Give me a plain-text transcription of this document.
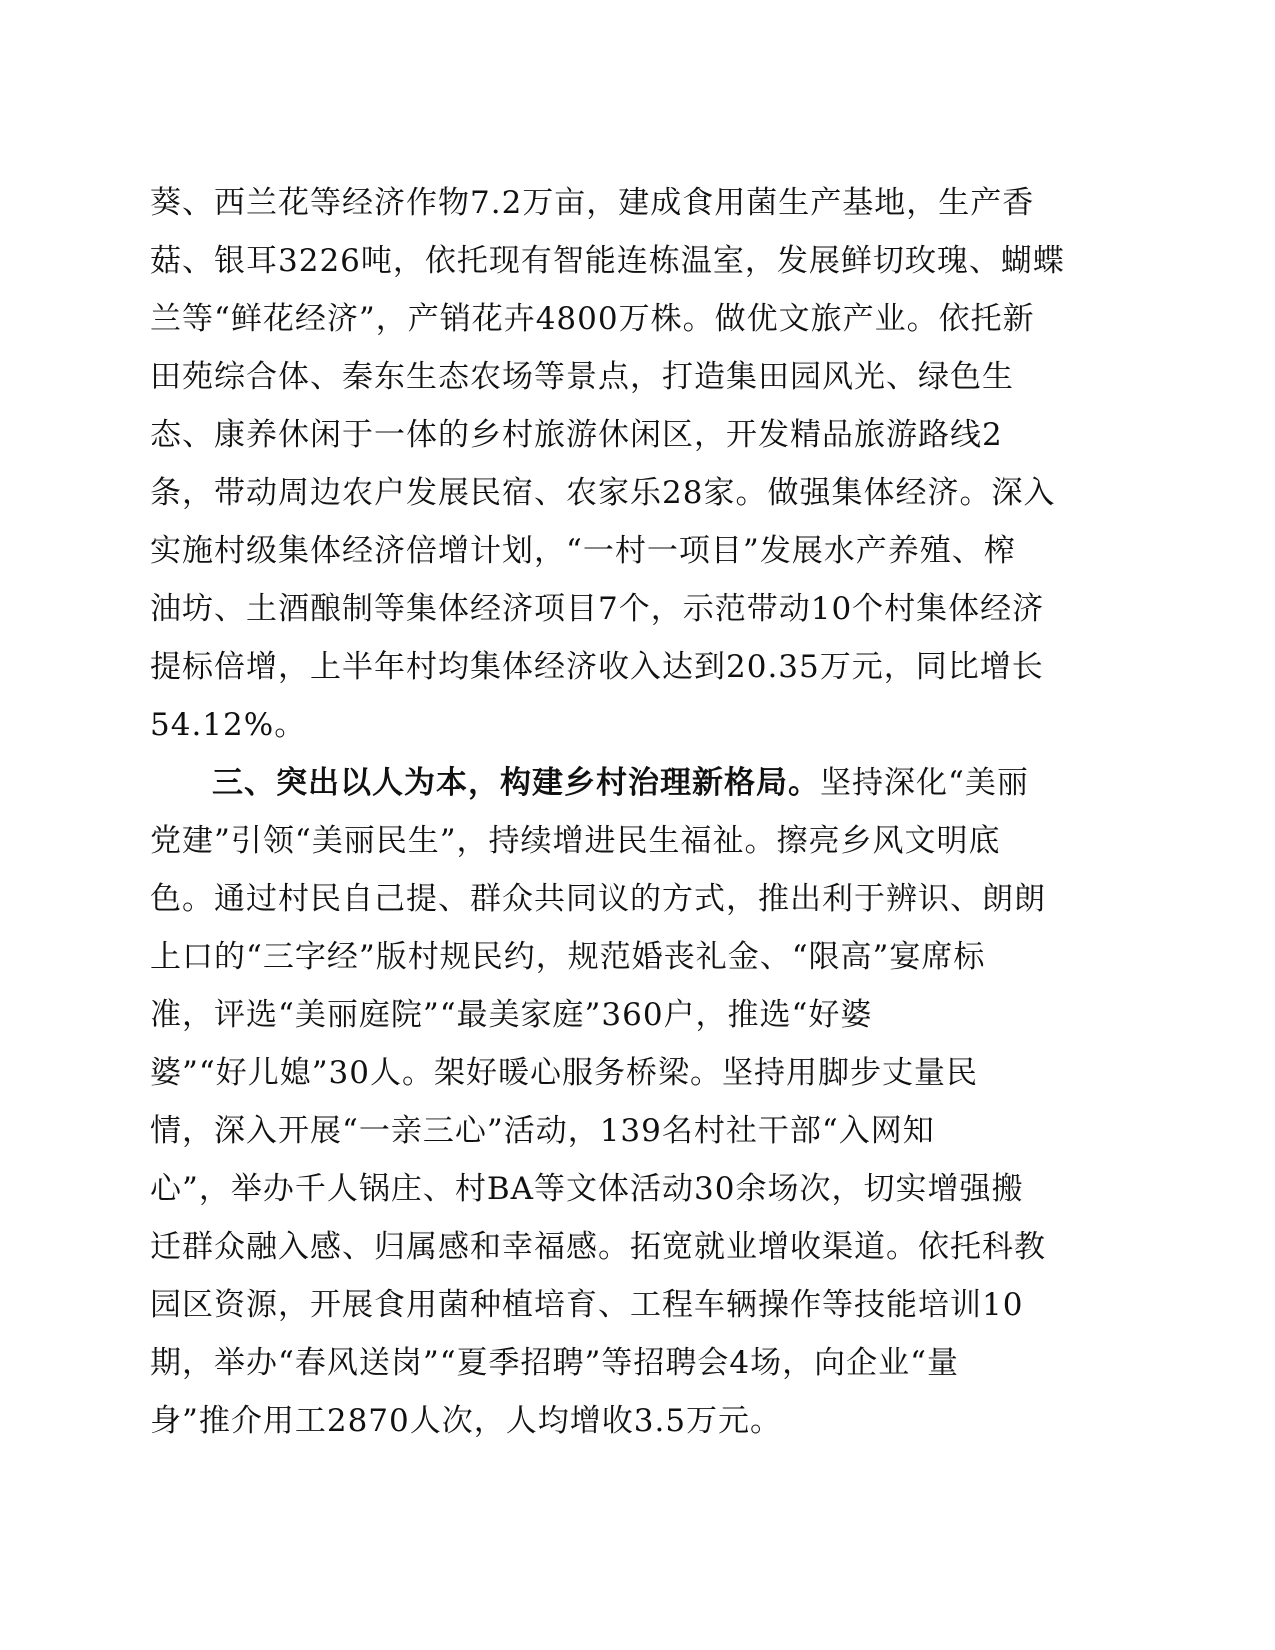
葵、西兰花等经济作物7.2万亩，建成食用菌生产基地，生产香
菇、银耳3226吨，依托现有智能连栋温室，发展鲜切玫瑰、蝴蝶
兰等“鲜花经济”，产销花卉4800万株。做优文旅产业。依托新
田苑综合体、秦东生态农场等景点，打造集田园风光、绿色生
态、康养休闲于一体的乡村旅游休闲区，开发精品旅游路线2
条，带动周边农户发展民宿、农家乐28家。做强集体经济。深入
实施村级集体经济倍增计划，“一村一项目”发展水产养殖、榨
油坊、土酒酿制等集体经济项目7个，示范带动10个村集体经济
提标倍增，上半年村均集体经济收入达到20.35万元，同比增长
54.12%。
三、突出以人为本，构建乡村治理新格局。坚持深化“美丽
党建”引领“美丽民生”，持续增进民生福祉。擦亮乡风文明底
色。通过村民自己提、群众共同议的方式，推出利于辨识、朗朗
上口的“三字经”版村规民约，规范婚丧礼金、“限高”宴席标
准，评选“美丽庭院”“最美家庭”360户，推选“好婆
婆”“好儿媳”30人。架好暖心服务桥梁。坚持用脚步丈量民
情，深入开展“一亲三心”活动，139名村社干部“入网知
心”，举办千人锅庄、村BA等文体活动30余场次，切实增强搬
迁群众融入感、归属感和幸福感。拓宽就业增收渠道。依托科教
园区资源，开展食用菌种植培育、工程车辆操作等技能培训10
期，举办“春风送岗”“夏季招聘”等招聘会4场，向企业“量
身”推介用工2870人次，人均增收3.5万元。
